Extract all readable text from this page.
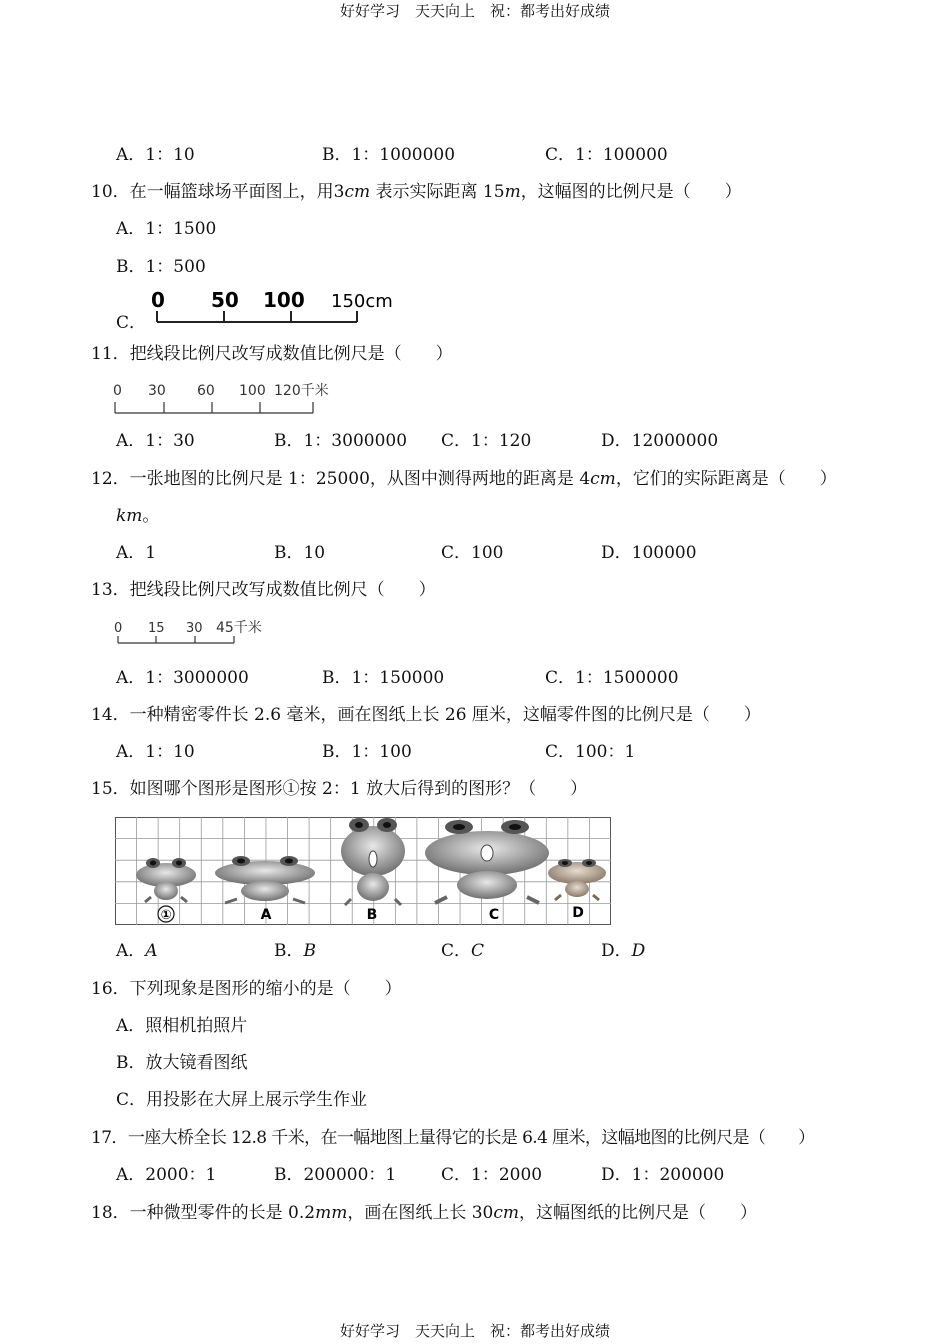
好好学习　天天向上　祝：都考出好成绩
A．1：10	B．1：1000000	C．1：100000
10．在一幅篮球场平面图上，用3cm 表示实际距离 15m，这幅图的比例尺是（　　）
A．1：1500
B．1：500
C．
0 50 100 150cm
11．把线段比例尺改写成数值比例尺是（　　）
0 30 60 100 120千米
A．1：30	B．1：3000000 C．1：120	D．12000000
12．一张地图的比例尺是 1：25000，从图中测得两地的距离是 4cm，它们的实际距离是（　　）
km。
A．1	B．10	C．100	D．100000
13．把线段比例尺改写成数值比例尺（　　）
0 15 30 45千米
A．1：3000000	B．1：150000	C．1：1500000
14．一种精密零件长 2.6 毫米，画在图纸上长 26 厘米，这幅零件图的比例尺是（　　）
A．1：10	B．1：100	C．100：1
15．如图哪个图形是图形①按 2：1 放大后得到的图形？（　　）
①	A	B	C	D
A．A	B．B	C．C	D．D
16．下列现象是图形的缩小的是（　　）
A．照相机拍照片
B．放大镜看图纸
C．用投影在大屏上展示学生作业
17．一座大桥全长 12.8 千米，在一幅地图上量得它的长是 6.4 厘米，这幅地图的比例尺是（　　）
A．2000：1	B．200000：1	C．1：2000	D．1：200000
18．一种微型零件的长是 0.2mm，画在图纸上长 30cm，这幅图纸的比例尺是（　　）
好好学习　天天向上　祝：都考出好成绩
